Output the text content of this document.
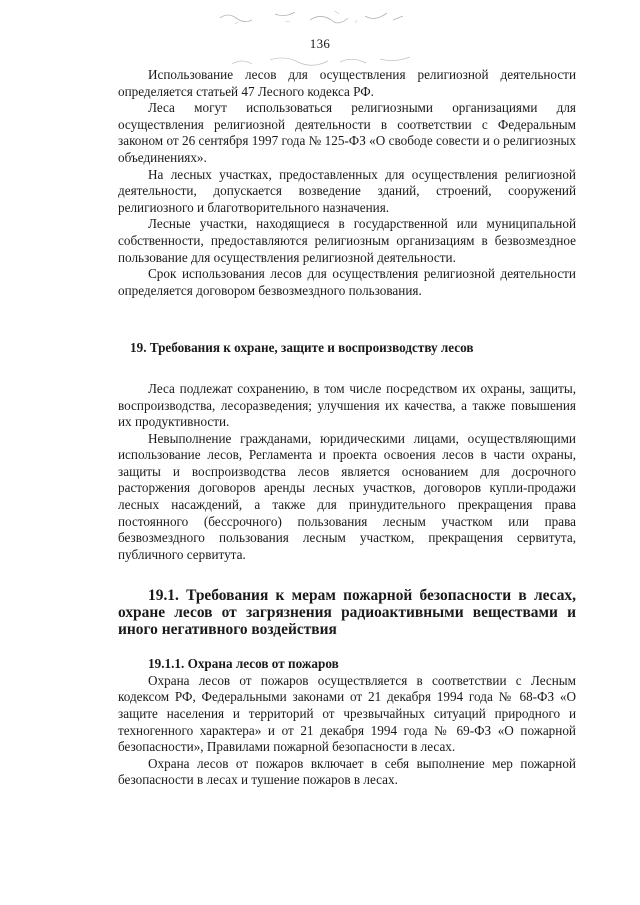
136

Использование лесов для осуществления религиозной деятельности определяется статьей 47 Лесного кодекса РФ.

Леса могут использоваться религиозными организациями для осуществления религиозной деятельности в соответствии с Федеральным законом от 26 сентября 1997 года № 125-ФЗ «О свободе совести и о религиозных объединениях».

На лесных участках, предоставленных для осуществления религиозной деятельности, допускается возведение зданий, строений, сооружений религиозного и благотворительного назначения.

Лесные участки, находящиеся в государственной или муниципальной собственности, предоставляются религиозным организациям в безвозмездное пользование для осуществления религиозной деятельности.

Срок использования лесов для осуществления религиозной деятельности определяется договором безвозмездного пользования.

19. Требования к охране, защите и воспроизводству лесов

Леса подлежат сохранению, в том числе посредством их охраны, защиты, воспроизводства, лесоразведения; улучшения их качества, а также повышения их продуктивности.

Невыполнение гражданами, юридическими лицами, осуществляющими использование лесов, Регламента и проекта освоения лесов в части охраны, защиты и воспроизводства лесов является основанием для досрочного расторжения договоров аренды лесных участков, договоров купли-продажи лесных насаждений, а также для принудительного прекращения права постоянного (бессрочного) пользования лесным участком или права безвозмездного пользования лесным участком, прекращения сервитута, публичного сервитута.

19.1. Требования к мерам пожарной безопасности в лесах, охране лесов от загрязнения радиоактивными веществами и иного негативного воздействия
19.1.1. Охрана лесов от пожаров

Охрана лесов от пожаров осуществляется в соответствии с Лесным кодексом РФ, Федеральными законами от 21 декабря 1994 года № 68-ФЗ «О защите населения и территорий от чрезвычайных ситуаций природного и техногенного характера» и от 21 декабря 1994 года № 69-ФЗ «О пожарной безопасности», Правилами пожарной безопасности в лесах.

Охрана лесов от пожаров включает в себя выполнение мер пожарной безопасности в лесах и тушение пожаров в лесах.
